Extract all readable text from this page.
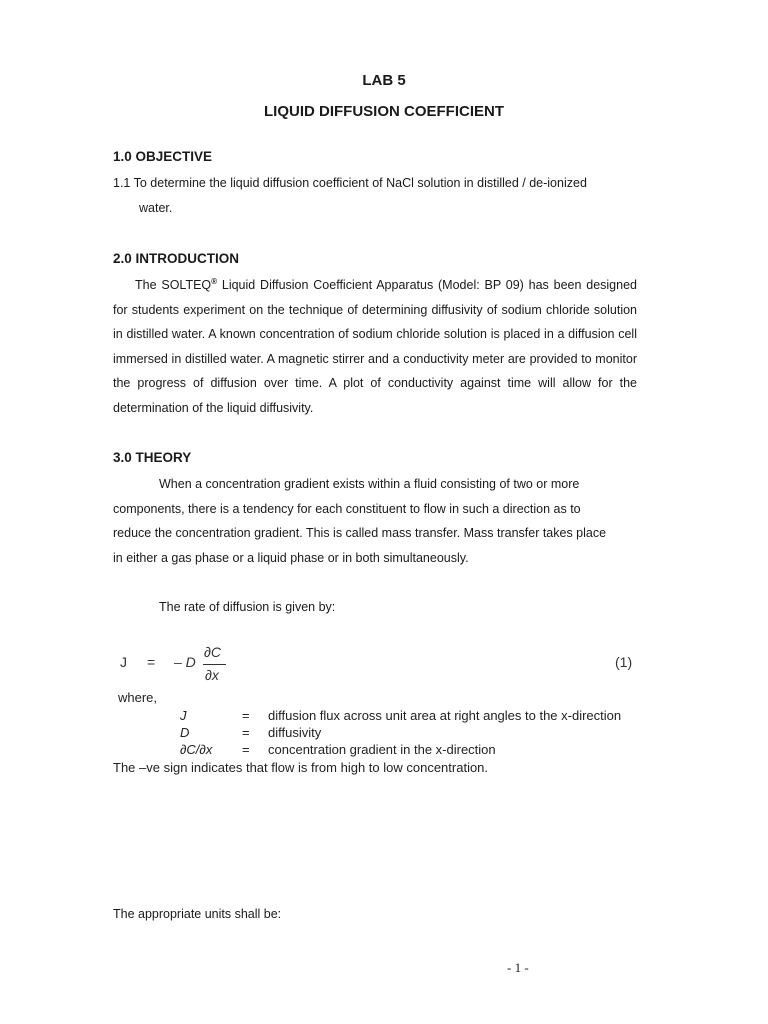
LAB 5
LIQUID DIFFUSION COEFFICIENT
1.0 OBJECTIVE
1.1 To determine the liquid diffusion coefficient of NaCl solution in distilled / de-ionized
water.
2.0 INTRODUCTION
The SOLTEQ® Liquid Diffusion Coefficient Apparatus (Model: BP 09) has been designed for students experiment on the technique of determining diffusivity of sodium chloride solution in distilled water. A known concentration of sodium chloride solution is placed in a diffusion cell immersed in distilled water. A magnetic stirrer and a conductivity meter are provided to monitor the progress of diffusion over time. A plot of conductivity against time will allow for the determination of the liquid diffusivity.
3.0 THEORY
When a concentration gradient exists within a fluid consisting of two or more
components, there is a tendency for each constituent to flow in such a direction as to
reduce the concentration gradient. This is called mass transfer. Mass transfer takes place
in either a gas phase or a liquid phase or in both simultaneously.
The rate of diffusion is given by:
J = – D
∂C
∂x
(1)
where,
J	=	diffusion flux across unit area at right angles to the x-direction
D	=	diffusivity
∂C/∂x	=	concentration gradient in the x-direction
The –ve sign indicates that flow is from high to low concentration.
The appropriate units shall be:
- 1 -
